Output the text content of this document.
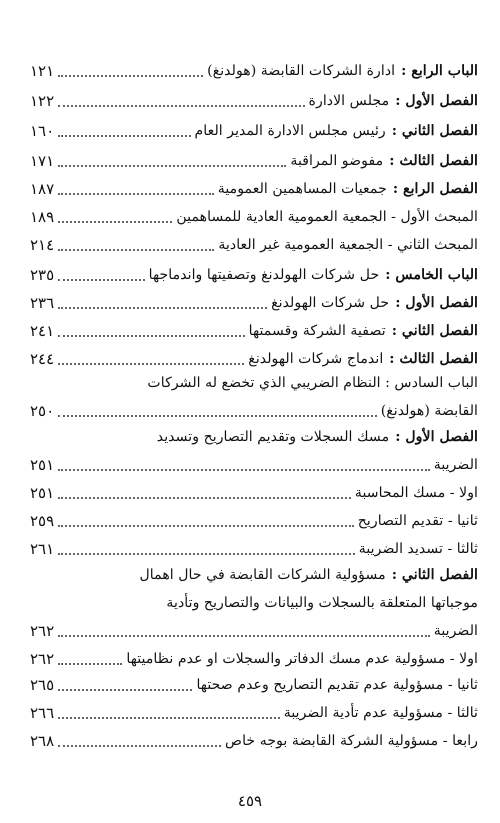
الباب الرابع :
ادارة الشركات القابضة (هولدنغ)
١٢١
الفصل الأول :
مجلس الادارة
١٢٢
الفصل الثاني :
رئيس مجلس الادارة المدير العام
١٦٠
الفصل الثالث :
مفوضو المراقبة
١٧١
الفصل الرابع :
جمعيات المساهمين العمومية
١٨٧
المبحث الأول - الجمعية العمومية العادية للمساهمين
١٨٩
المبحث الثاني - الجمعية العمومية غير العادية
٢١٤
الباب الخامس :
حل شركات الهولدنغ وتصفيتها واندماجها
٢٣٥
الفصل الأول :
حل شركات الهولدنغ
٢٣٦
الفصل الثاني :
تصفية الشركة وقسمتها
٢٤١
الفصل الثالث :
اندماج شركات الهولدنغ
٢٤٤
الباب السادس : النظام الضريبي الذي تخضع له الشركات
القابضة (هولدنغ)
٢٥٠
الفصل الأول :
مسك السجلات وتقديم التصاريح وتسديد
الضريبة
٢٥١
اولا - مسك المحاسبة
٢٥١
ثانيا - تقديم التصاريح
٢٥٩
ثالثا - تسديد الضريبة
٢٦١
الفصل الثاني :
مسؤولية الشركات القابضة في حال اهمال
موجباتها المتعلقة بالسجلات والبيانات والتصاريح وتأدية
الضريبة
٢٦٢
اولا - مسؤولية عدم مسك الدفاتر والسجلات او عدم نظاميتها
٢٦٢
ثانيا - مسؤولية عدم تقديم التصاريح وعدم صحتها
٢٦٥
ثالثا - مسؤولية عدم تأدية الضريبة
٢٦٦
رابعا - مسؤولية الشركة القابضة بوجه خاص
٢٦٨
٤٥٩
